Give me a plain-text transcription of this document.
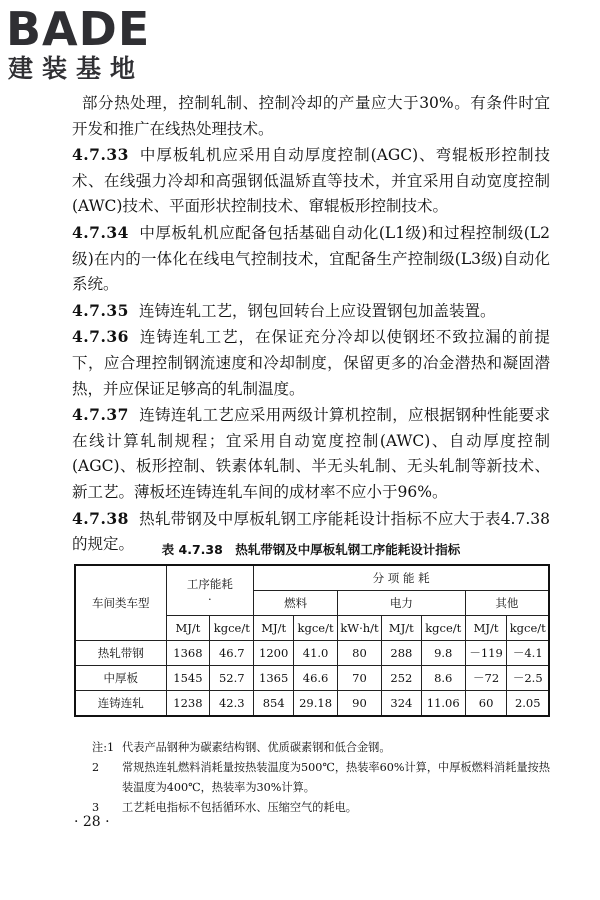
BADE
建装基地

部分热处理，控制轧制、控制冷却的产量应大于30%。有条件时宜开发和推广在线热处理技术。

4.7.33 中厚板轧机应采用自动厚度控制(AGC)、弯辊板形控制技术、在线强力冷却和高强钢低温矫直等技术，并宜采用自动宽度控制(AWC)技术、平面形状控制技术、窜辊板形控制技术。

4.7.34 中厚板轧机应配备包括基础自动化(L1级)和过程控制级(L2级)在内的一体化在线电气控制技术，宜配备生产控制级(L3级)自动化系统。

4.7.35 连铸连轧工艺，钢包回转台上应设置钢包加盖装置。

4.7.36 连铸连轧工艺，在保证充分冷却以使钢坯不致拉漏的前提下，应合理控制钢流速度和冷却制度，保留更多的冶金潜热和凝固潜热，并应保证足够高的轧制温度。

4.7.37 连铸连轧工艺应采用两级计算机控制，应根据钢种性能要求在线计算轧制规程；宜采用自动宽度控制(AWC)、自动厚度控制(AGC)、板形控制、铁素体轧制、半无头轧制、无头轧制等新技术、新工艺。薄板坯连铸连轧车间的成材率不应小于96%。

4.7.38 热轧带钢及中厚板轧钢工序能耗设计指标不应大于表4.7.38的规定。	表 4.7.38　热轧带钢及中厚板轧钢工序能耗设计指标
车间类车型	工序能耗
·		分 项 能 耗						
			燃料		电力			其他	
	MJ/t	kgce/t	MJ/t	kgce/t	kW·h/t	MJ/t	kgce/t	MJ/t	kgce/t
热轧带钢	1368	46.7	1200	41.0	80	288	9.8	－119	－4.1
中厚板	1545	52.7	1365	46.6	70	252	8.6	－72	－2.5
连铸连轧	1238	42.3	854	29.18	90	324	11.06	60	2.05
注:1 代表产品钢种为碳素结构钢、优质碳素钢和低合金钢。
2 常规热连轧燃料消耗量按热装温度为500℃，热装率60%计算，中厚板燃料消耗量按热装温度为400℃，热装率为30%计算。
3 工艺耗电指标不包括循环水、压缩空气的耗电。
· 28 ·
